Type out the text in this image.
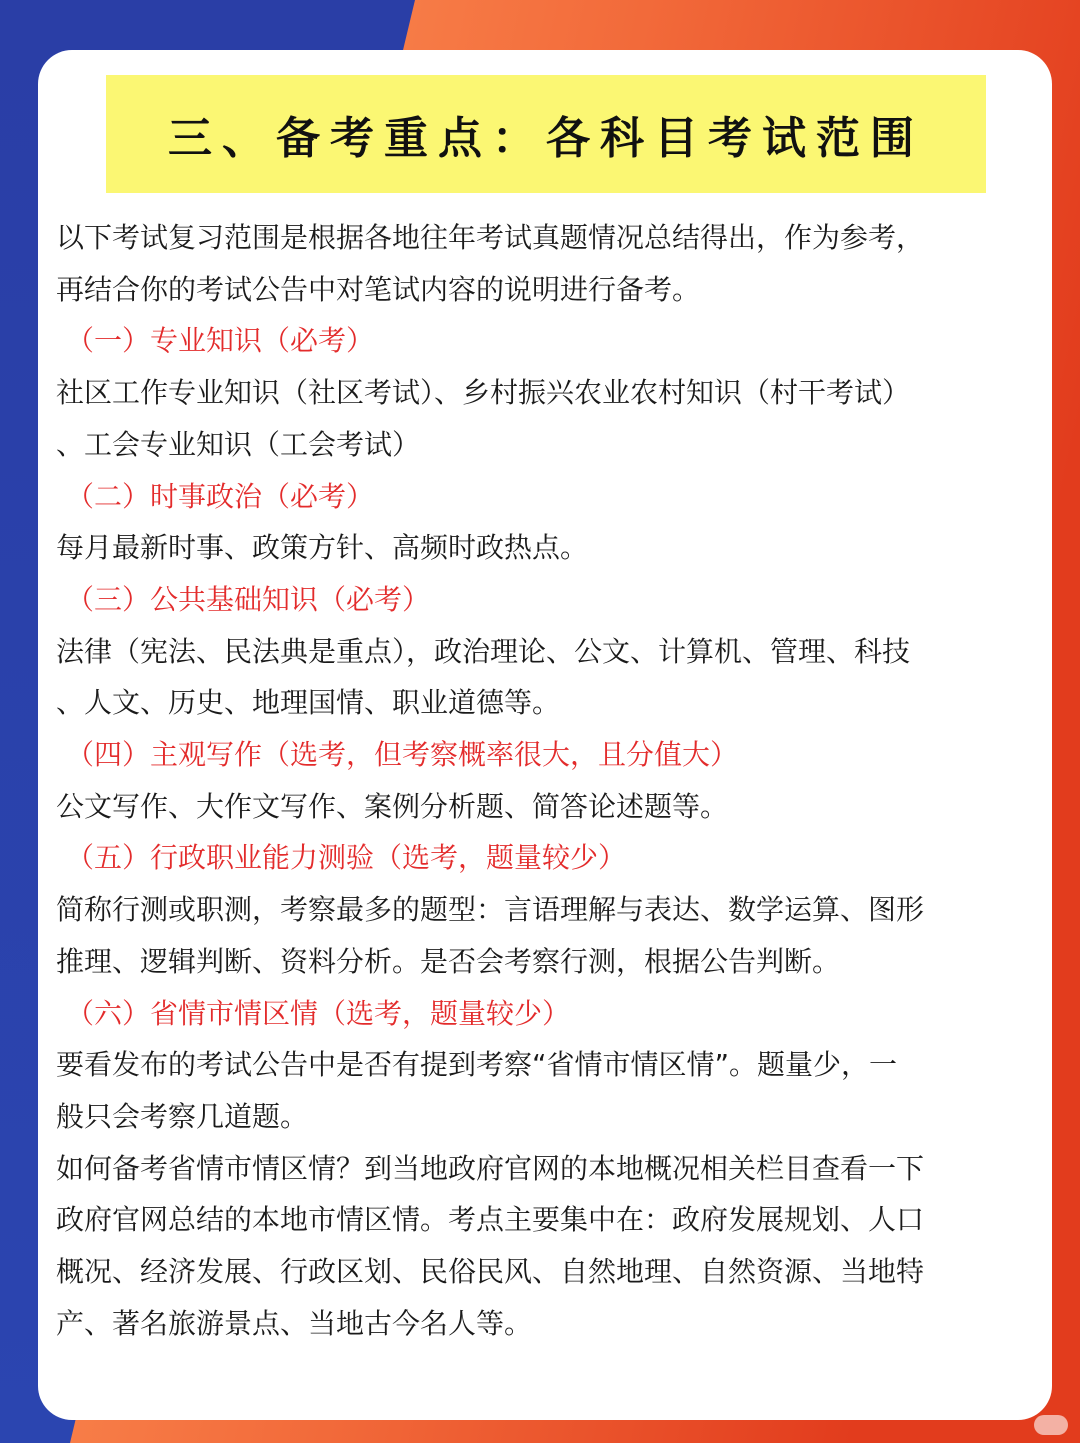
三、备考重点：各科目考试范围

以下考试复习范围是根据各地往年考试真题情况总结得出，作为参考，

再结合你的考试公告中对笔试内容的说明进行备考。

（一）专业知识（必考）

社区工作专业知识（社区考试）、乡村振兴农业农村知识（村干考试）

、工会专业知识（工会考试）

（二）时事政治（必考）

每月最新时事、政策方针、高频时政热点。

（三）公共基础知识（必考）

法律（宪法、民法典是重点），政治理论、公文、计算机、管理、科技

、人文、历史、地理国情、职业道德等。

（四）主观写作（选考，但考察概率很大，且分值大）

公文写作、大作文写作、案例分析题、简答论述题等。

（五）行政职业能力测验（选考，题量较少）

简称行测或职测，考察最多的题型：言语理解与表达、数学运算、图形

推理、逻辑判断、资料分析。是否会考察行测，根据公告判断。

（六）省情市情区情（选考，题量较少）

要看发布的考试公告中是否有提到考察“省情市情区情”。题量少，一

般只会考察几道题。

如何备考省情市情区情？到当地政府官网的本地概况相关栏目查看一下

政府官网总结的本地市情区情。考点主要集中在：政府发展规划、人口

概况、经济发展、行政区划、民俗民风、自然地理、自然资源、当地特

产、著名旅游景点、当地古今名人等。
